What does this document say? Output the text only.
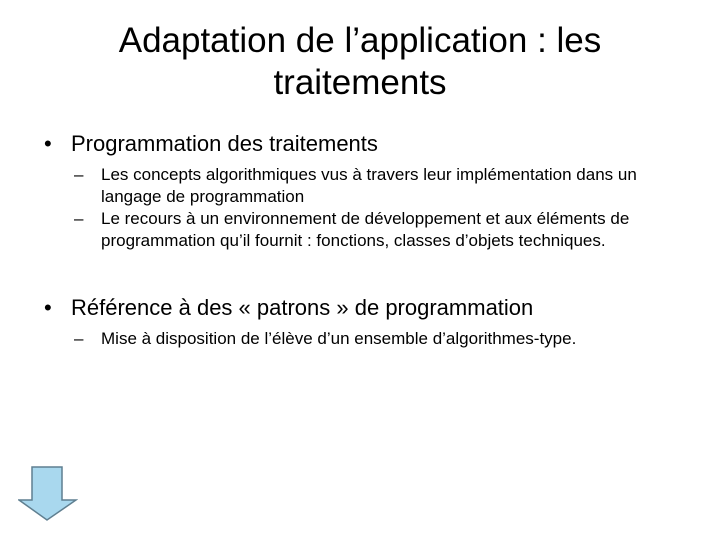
Adaptation de l’application : les traitements
• Programmation des traitements
– Les concepts algorithmiques vus à travers leur implémentation dans un langage de programmation
– Le recours à un environnement de développement et aux éléments de programmation qu’il fournit : fonctions, classes d’objets techniques.
• Référence à des « patrons » de programmation
– Mise à disposition de l’élève d’un ensemble d’algorithmes-type.
